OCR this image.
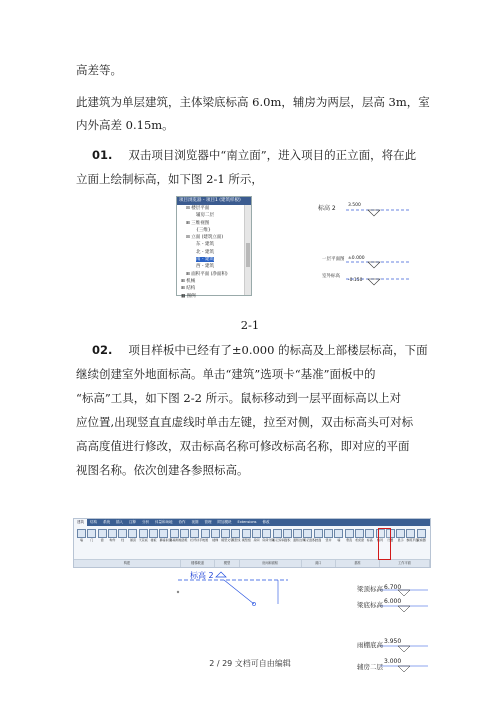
高差等。
此建筑为单层建筑，主体梁底标高 6.0m，辅房为两层，层高 3m，室
内外高差 0.15m。
01. 双击项目浏览器中“南立面”，进入项目的正立面，将在此
立面上绘制标高，如下图 2-1 所示，
项目浏览器 - 项目1 (建筑样板)
⊟ 楼层平面
辅房二层
⊞ 三维视图
{三维}
⊟ 立面 (建筑立面)
东 - 建筑
北 - 建筑
南 - 建筑
西 - 建筑
⊞ 面积平面 (净面积)
⊞ 机械
⊞ 结构
▦ 图例
标高 2	3.500
一层平面图 ±0.000
室外标高
-0.150
2-1
02. 项目样板中已经有了±0.000 的标高及上部楼层标高，下面
继续创建室外地面标高。单击“建筑”选项卡“基准”面板中的
“标高”工具，如下图 2-2 所示。鼠标移动到一层平面标高以上对
应位置,出现竖直直虚线时单击左键，拉至对侧，双击标高头可对标
高高度值进行修改，双击标高名称可修改标高名称，即对应的平面
视图名称。依次创建各参照标高。
建筑	结构	系统	插入	注释	分析	体量和场地	协作	视图	管理	附加模块	Extensions	修改
墙	门	窗	构件	柱	屋顶 天花板 楼板 幕墙系统
幕墙网格 竖梃 栏杆扶手 坡道	楼梯 模型文字
模型线 模型组 房间 房间分隔
标记房间 面积 面积边界
标记面积 按面	竖井	墙	垂直 老虎窗 标高	轴网	设置	显示 参照平面
查看器
构建	楼梯坡道	模型	房间和面积	洞口	基准	工作平面
标高 2
梁顶标高 6.700
梁底标高 6.000
雨棚底高 3.950
辅房二层
3.000
2 / 29 文档可自由编辑
